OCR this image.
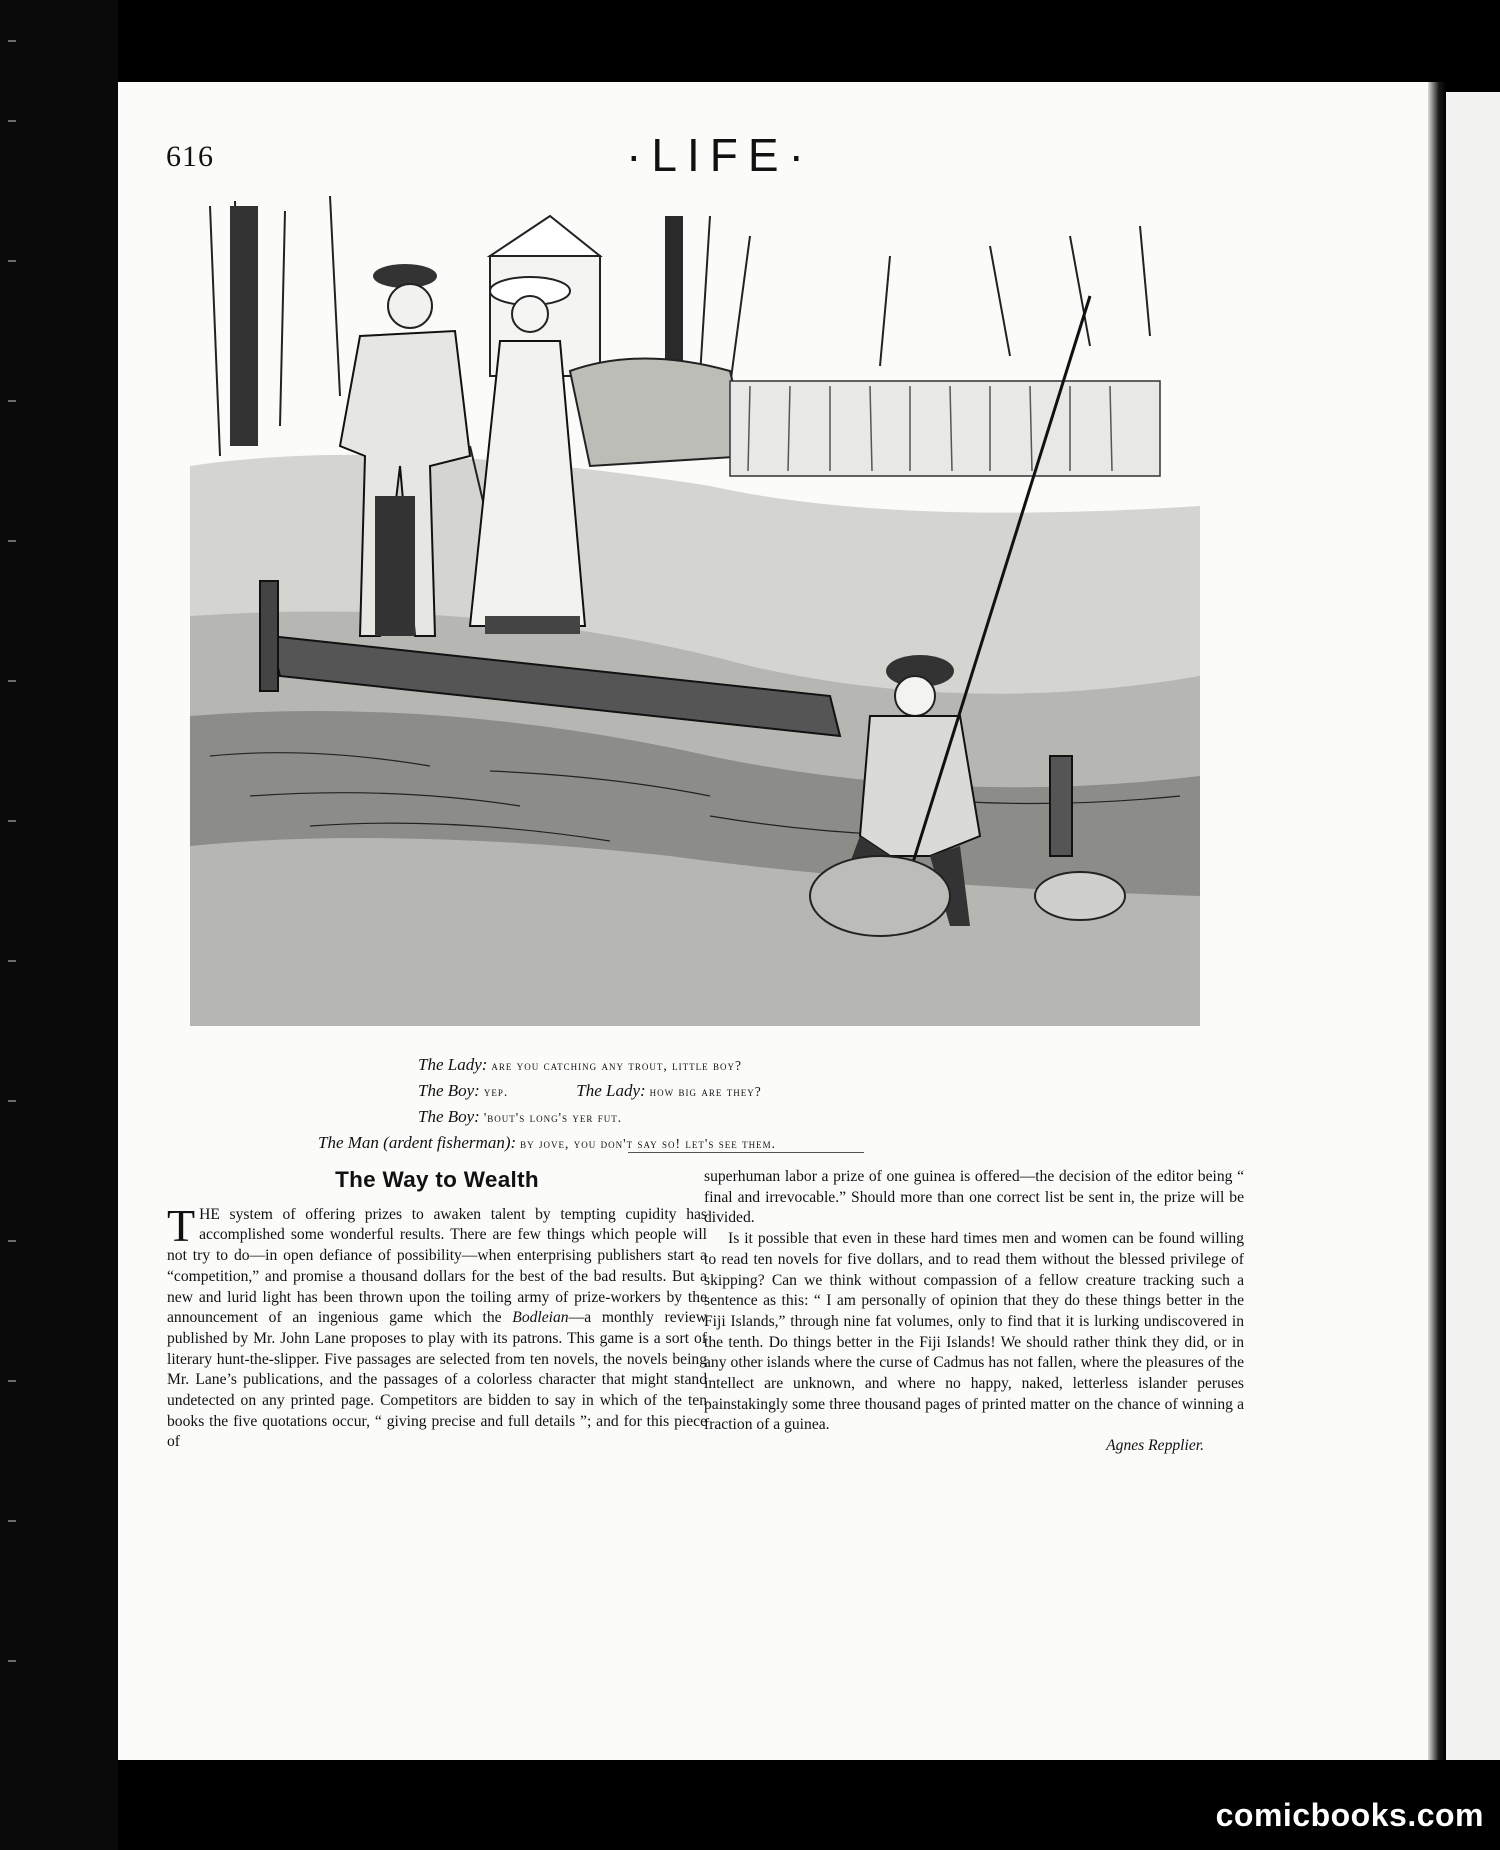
616	·LIFE·
The Lady: are you catching any trout, little boy?
The Boy: yep.	The Lady: how big are they?
The Boy: 'bout's long's yer fut.
The Man (ardent fisherman): by jove, you don't say so! let's see them.
The Way to Wealth

THE system of offering prizes to awaken talent by tempting cupidity has accomplished some wonderful results. There are few things which people will not try to do—in open defiance of possibility—when enterprising publishers start a “competition,” and promise a thousand dollars for the best of the bad results. But a new and lurid light has been thrown upon the toiling army of prize-workers by the announcement of an ingenious game which the Bodleian—a monthly review published by Mr. John Lane proposes to play with its patrons. This game is a sort of literary hunt-the-slipper. Five passages are selected from ten novels, the novels being Mr. Lane’s publications, and the passages of a colorless character that might stand undetected on any printed page. Competitors are bidden to say in which of the ten books the five quotations occur, “ giving precise and full details ”; and for this piece of

superhuman labor a prize of one guinea is offered—the decision of the editor being “ final and irrevocable.” Should more than one correct list be sent in, the prize will be divided.

Is it possible that even in these hard times men and women can be found willing to read ten novels for five dollars, and to read them without the blessed privilege of skipping? Can we think without compassion of a fellow creature tracking such a sentence as this: “ I am personally of opinion that they do these things better in the Fiji Islands,” through nine fat volumes, only to find that it is lurking undiscovered in the tenth. Do things better in the Fiji Islands! We should rather think they did, or in any other islands where the curse of Cadmus has not fallen, where the pleasures of the intellect are unknown, and where no happy, naked, letterless islander peruses painstakingly some three thousand pages of printed matter on the chance of winning a fraction of a guinea.

Agnes Repplier.

comicbooks.com
